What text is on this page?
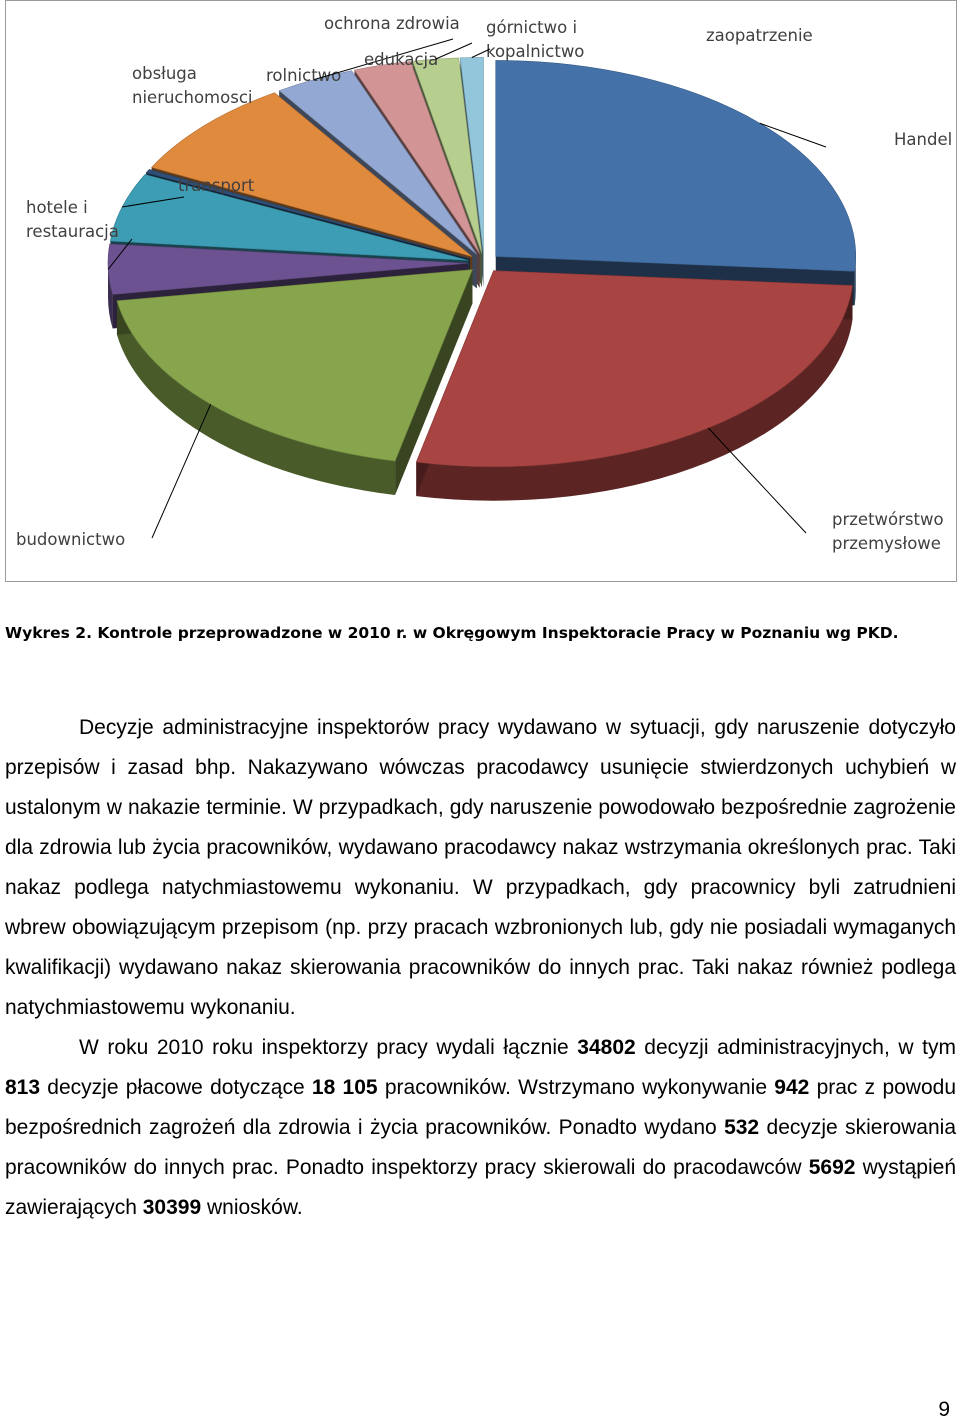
Handel
przetwórstwo przemysłowe
budownictwo
hotele i restauracja
transport
obsługa nieruchomosci
rolnictwo
ochrona zdrowia
edukacja
górnictwo i kopalnictwo
zaopatrzenie
Wykres 2. Kontrole przeprowadzone w 2010 r. w Okręgowym Inspektoracie Pracy w Poznaniu wg PKD.

Decyzje administracyjne inspektorów pracy wydawano w sytuacji, gdy naruszenie dotyczyło przepisów i zasad bhp. Nakazywano wówczas pracodawcy usunięcie stwierdzonych uchybień w ustalonym w nakazie terminie. W przypadkach, gdy naruszenie powodowało bezpośrednie zagrożenie dla zdrowia lub życia pracowników, wydawano pracodawcy nakaz wstrzymania określonych prac. Taki nakaz podlega natychmiastowemu wykonaniu. W przypadkach, gdy pracownicy byli zatrudnieni wbrew obowiązującym przepisom (np. przy pracach wzbronionych lub, gdy nie posiadali wymaganych kwalifikacji) wydawano nakaz skierowania pracowników do innych prac. Taki nakaz również podlega natychmiastowemu wykonaniu.

W roku 2010 roku inspektorzy pracy wydali łącznie 34802 decyzji administracyjnych, w tym 813 decyzje płacowe dotyczące 18 105 pracowników. Wstrzymano wykonywanie 942 prac z powodu bezpośrednich zagrożeń dla zdrowia i życia pracowników. Ponadto wydano 532 decyzje skierowania pracowników do innych prac. Ponadto inspektorzy pracy skierowali do pracodawców 5692 wystąpień zawierających 30399 wniosków.

9
